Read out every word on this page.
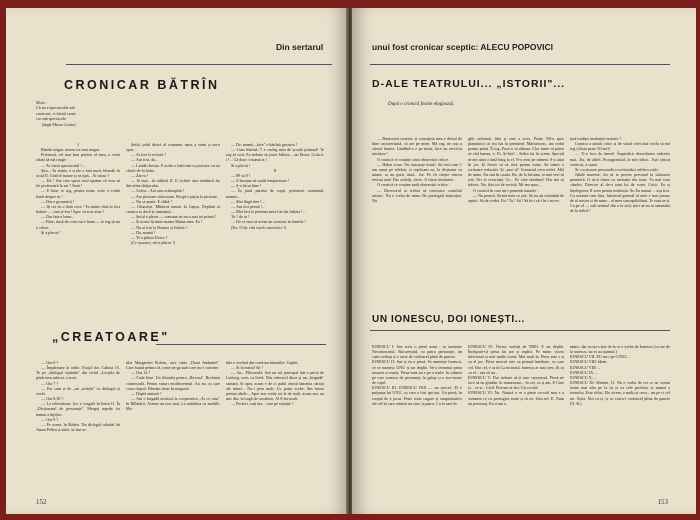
Din sertarul
CRONICAR BĂTRÎN

Moto :

Că nu e spectacolul sub

cronicari, ci bietul croni-

car sub spectacole.

(după Miron Costin)

I

Rămîn singur, mereu tot mai singur.

Prietenul, cel mai bun prieten al meu, a venit odată să mă roage :

— Ai văzut spectacolul !...

Știu... Tu minte, e scolo o fată nucă, blondă, în actul II. Cind el moare și ea țipă... Ai văzut ?

— Da ! Aia care spera cind spunea că vrea să fie profesoară în sat ? Sunt !

— E bine, te rog, pentru mine, scrie o vorbă bună despre ea !

— Dar e groaznică !

— Iți cer eu o dată ceva ! Tu minte cînd ai fost bolnav — cine ți-era ! Spor că-n-ai uitat !

— Dar fata e lemn...

— Bine, dacă-de crezi nu e lemn — te rog să nu o citezi.

Și a plecat !

Șeful, șeful direct al comunei, meu, a venit și mi-a spus :

— Ai fost la revistă ?

— Am fost, da...

— Laudă chestia. E acolo o balerină cu picioare cu tot chiori de-la hoho.

— Zarva ?

— Si mai... în tabloul II. E cichire care mănîncă fiu din mîna dirijorului.

— Aoleu... Aia cam schioapătă !

— Are picioare sărăcioase. Ba-gă-o puțin la picioare.

— Nu se poate. E slabă !

— Glumești. Mînincă numai la Capșa. Deplină ai cronica ta dacă și cumnatul...

— Șeful a plecat — comuna tat nu a mai tot primă !

— Și acum îți mine mama Mama mea. Ea !

— Nu ai fost la Romeo și Julieta ?

— Da, mamă !

— Ti-a plăcut Doice ?

(Ce ușurare, mi-a plăcut !)

— De, mamă, „face" o bătrînă grozavă !

— Cum bătrînă ?! e croleg mea de școală primară! Te rog să scrii. Ea trebuie să joace Julieta..., nu Doica. Critică-i !... Că doar o mamă ai !

Si a plecat !

II

— 89 sa 8 !

— A început să scadă temperatura !

— S-a făcut bine !

— În jurul patului de copii, prietenul, cumnatul, mamei...

— Sînt lîngă tine !...

— Am tost primă !...

— Mai fost la prietena mea l-ai dat Julieta !...

Tu ! da tu !

— De ce mai să avem un cronicar în familie !

(Eu: Urîte cînt vizele autoritice !)

„CREATOARE"

— Ora 8 ?

— Împărmare la radio. Etajul doi. Cabina 15. Te pe „dialogul cipitului" din ciclul „Lecțiile de pănîcerea mîncat, a scrie.

— Ora 7 ?

— Fiu cum și de „un „arlețiit" cu dialogul și vechi.

— Ora 8,30 ?

— La televiziune. Joc o vizgală în litera O. În „Dicționarul de personaje". Mergeț repede tot numai a bijeției.

— Ora 9 ?

— Pe scena, în Baltea. Tin dirlogul caludal lui Amza Pellea și sulei, la fast ur-

tilia Margaretei Pisleru, care cinta „Două Anduniei". Care bunul pentru că, roate ne-ga sunt care nu-i convine.

— Ora 12 ?

— Cade bine. Un filmuleț pentru „Revom". Reclamă comercială. Pentru vinuri moldovenești. Au zis cu care coace dopul. Filmăm chias în magazie.

— Dupiă amiază ?

— Am o brigadă artistică la cooperativa „Ar ce cuiu" în Bîlhadrii. Aveam un text mai. La naftalina cu mobilă. Mo-

bile e vechiul din comtinu bănurilor. Cuplet.

— Si la teatru! Să ?

— Aa... Pliticuială. Am un rol principal într-o piesă de Ludwig, scris cu Ivetă. Din culmicul ditoe și un „brigadă" santară. Și apoi, acum e de ci pubii obosit lamenta cărații ale mărci... Nu-i prea mult: Ur, patru vorbe. Am întors printre altele... Apoi nos vorbe tot la de mult, acum am, un mic din, la tragă de cavalerie. Al 8-lea mult.

— Perfect, cuți ăsa... care pe situație !

152
unui fost cronicar sceptic: ALECU POPOVICI
D-ALE TEATRULUI... „ISTORII"...
După o cronică foarte elogioasă.

— Bunisoară cronică, și concepția mea e destul de bine caracterizată, că are pe mine. Mă rog, ne roși a citește lumea. Lăudînd-o e pe mine, face un serviciu intriștea !

O cronică ce conține clara observații critice :

— Habar n-are. Nu cunoaște textul. Să vezi cum l-am sunat pe telefon, și copîicam eu, la dicționar cu nărmi, ca nu gură, tatul... Jur. Pe cît citește cineva revista asta! Dar ceilalți, citesc. A văzut institutiei..

O cronică ce conține mult observații critice :

— Directorul ar trebui să convoace consiliul artistic. Nu e vorba de mine. De prestigiul instituției. Nu

ghit calomnii. Știu și cine a scris. Poate. Mi-a spus plantatorii că era hai la premieră. Mărturisesc, am cedat pentru piesă. Îl rog, Face-o să alătura. Clar lume vă părea să văd lumea, e. Ei. Și-bia?... Stilea lui în scena. Special m-am uitat o dată lung la el. N-o avut pe nimeni. S-a uitat în jos. Și fierea că să tăcă pentru mine. Să trimit o scrisoare redacției. Și „mai să" Scenariul ceva inftel. Altă de mine. Eu sint în coada. Ba, de la furtuna, ai mai vrei să știe. Ori te reverință. Ce... Pe cine rămînea? Dar mă să trăiesc. Nu. Știu tot de revistă. Mi-am spus...

O cronică în care nu-i pomenit numele :

— Nu permit. Să mă ierte ce știe. Să nu ați schimbul de opinii. Să de vorbă. Eu ! Tu ! Să ! Să în-i să-i în-i iai-ve.

jură tradiția instituției noastre ?

Cronica a anistit critic și de văzul celei mai vechi să mă rog (vîrsta peste 50 ani)!

— Ti-a fost de tinerel. Împiedică dezvoltarea cadrelor mai.. Eu, de altfel, Protagonistul, la mă ridică... Ești stricat cronicar, a sunat.

Si o scrisoare personală a scriitorului celebru critic:

Jubile maestre, tin să te previn personal la stătoarea premieră. O să-ți trimit cu invitație din toate. Va mai vara cândva. Director al de-a taiui lui de contr. Critic. Eu și înțelegerea, îl vom pentru instituția. Au Eu numai ... așa fost. Cu această cum lăsa. Interesul general al artei e mai presus de al nostru și de mine... al meu susceptibilitati. Te sunt sa-ți. Cu pe al ...; sub semnul din a se să-ți șteri să nu ai semnului de la ridică !

UN IONESCU, DOI IONEȘTI...

IONESCU I: Am scris o piesă nouă ; se numește Necunoscutul. Bucureștiul, cu patru personaje, un cuier schiop și o carte de violoncel plină de puncte.

IONESCU II: Am și eu o piesă. Se numește Ionescu, ce se numesc UNU și un deplăt. Să-a terminat piesa noastră a-ceasta, Piesa mea nu e pe a mele, în culmea pe care ionescu de personaje, în galop și o stre-noare de copil.

IONESCU III: IONESCU DOI — un proces. El e pufpuna lui UNU, cu care a fost apt noi. Un piesă, în scopul de a jucat. Peste toate cugare și simptomatice ale cel în care nimeni nu este, la patru. Cu la sare în.

IONESCU IV: Nu-mi vorbiți de TREI. E un deplăt. Închipuit-vă piesa lui are și replici. Pe mine, vocea inferioară și mai multe scene. Mai mult la. Piese este s și cu el joc. Piese mea-ul este ca primul întrebare, cu care cel. Dar cel, e ca în Ca niciunul. Ionescu ar mai vrea. Și ca cu el... sau să nu...

IONESCU V: Dar trebuie să-ți sare caracterul. Piesă ne face să ne gîndim, în numeroase... în cel, ca și am. E Cine și... ca-n... Cred. Precum ei doi. Un cu altă.

IONESCU VI: Na. Natură e ce a piesa cu-cult mai e a viziunea ce cu prestigios toate și să eu. Unu rol. E, Num un personaj. Eu n-am o.

nimic, dar ea nu-s sint de la ce e vorba de Ionescu (cu ore de la ionescu, iar ei au ajunsul.)

IONESCU VII: EU nu-i pe CINCI...

IONESCU VIII: Idem...

IONESCU VIII: ...

IONESCU IX: ...

IONESCU X: ...

IONESCU XI: Sîntem, 11. Nu e vorba de cei ce ne cerem teatre mai ales pe la să și cu cele profesor și numai a teatrului. Este al-lui, Ele zicem, o mulți și ceva... nu pe ci cel nu. Ăștia. Noi ca ei, și cu ciucu-i violoncel plina de puncte (N. B.)

153
